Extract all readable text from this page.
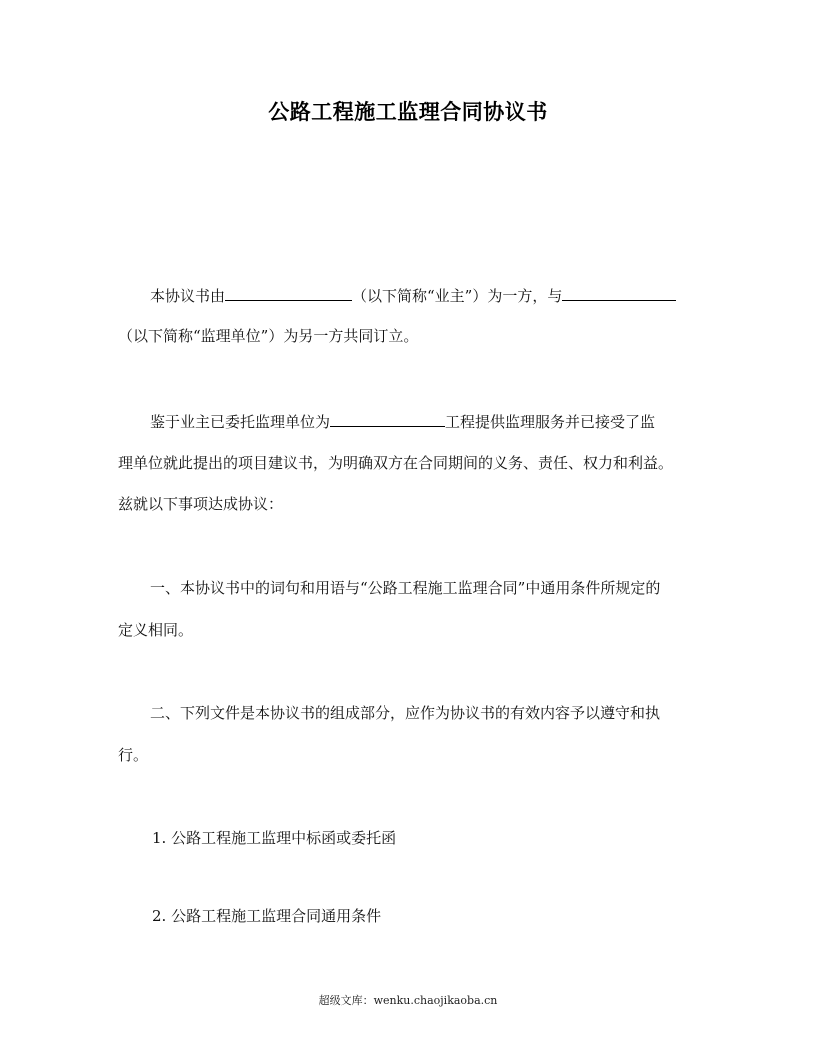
公路工程施工监理合同协议书
本协议书由	（以下简称“业主”）为一方，与
（以下简称“监理单位”）为另一方共同订立。
鉴于业主已委托监理单位为	工程提供监理服务并已接受了监
理单位就此提出的项目建议书，为明确双方在合同期间的义务、责任、权力和利益。
兹就以下事项达成协议：
一、本协议书中的词句和用语与“公路工程施工监理合同”中通用条件所规定的
定义相同。
二、下列文件是本协议书的组成部分，应作为协议书的有效内容予以遵守和执
行。
1. 公路工程施工监理中标函或委托函
2. 公路工程施工监理合同通用条件
超级文库：wenku.chaojikaoba.cn
